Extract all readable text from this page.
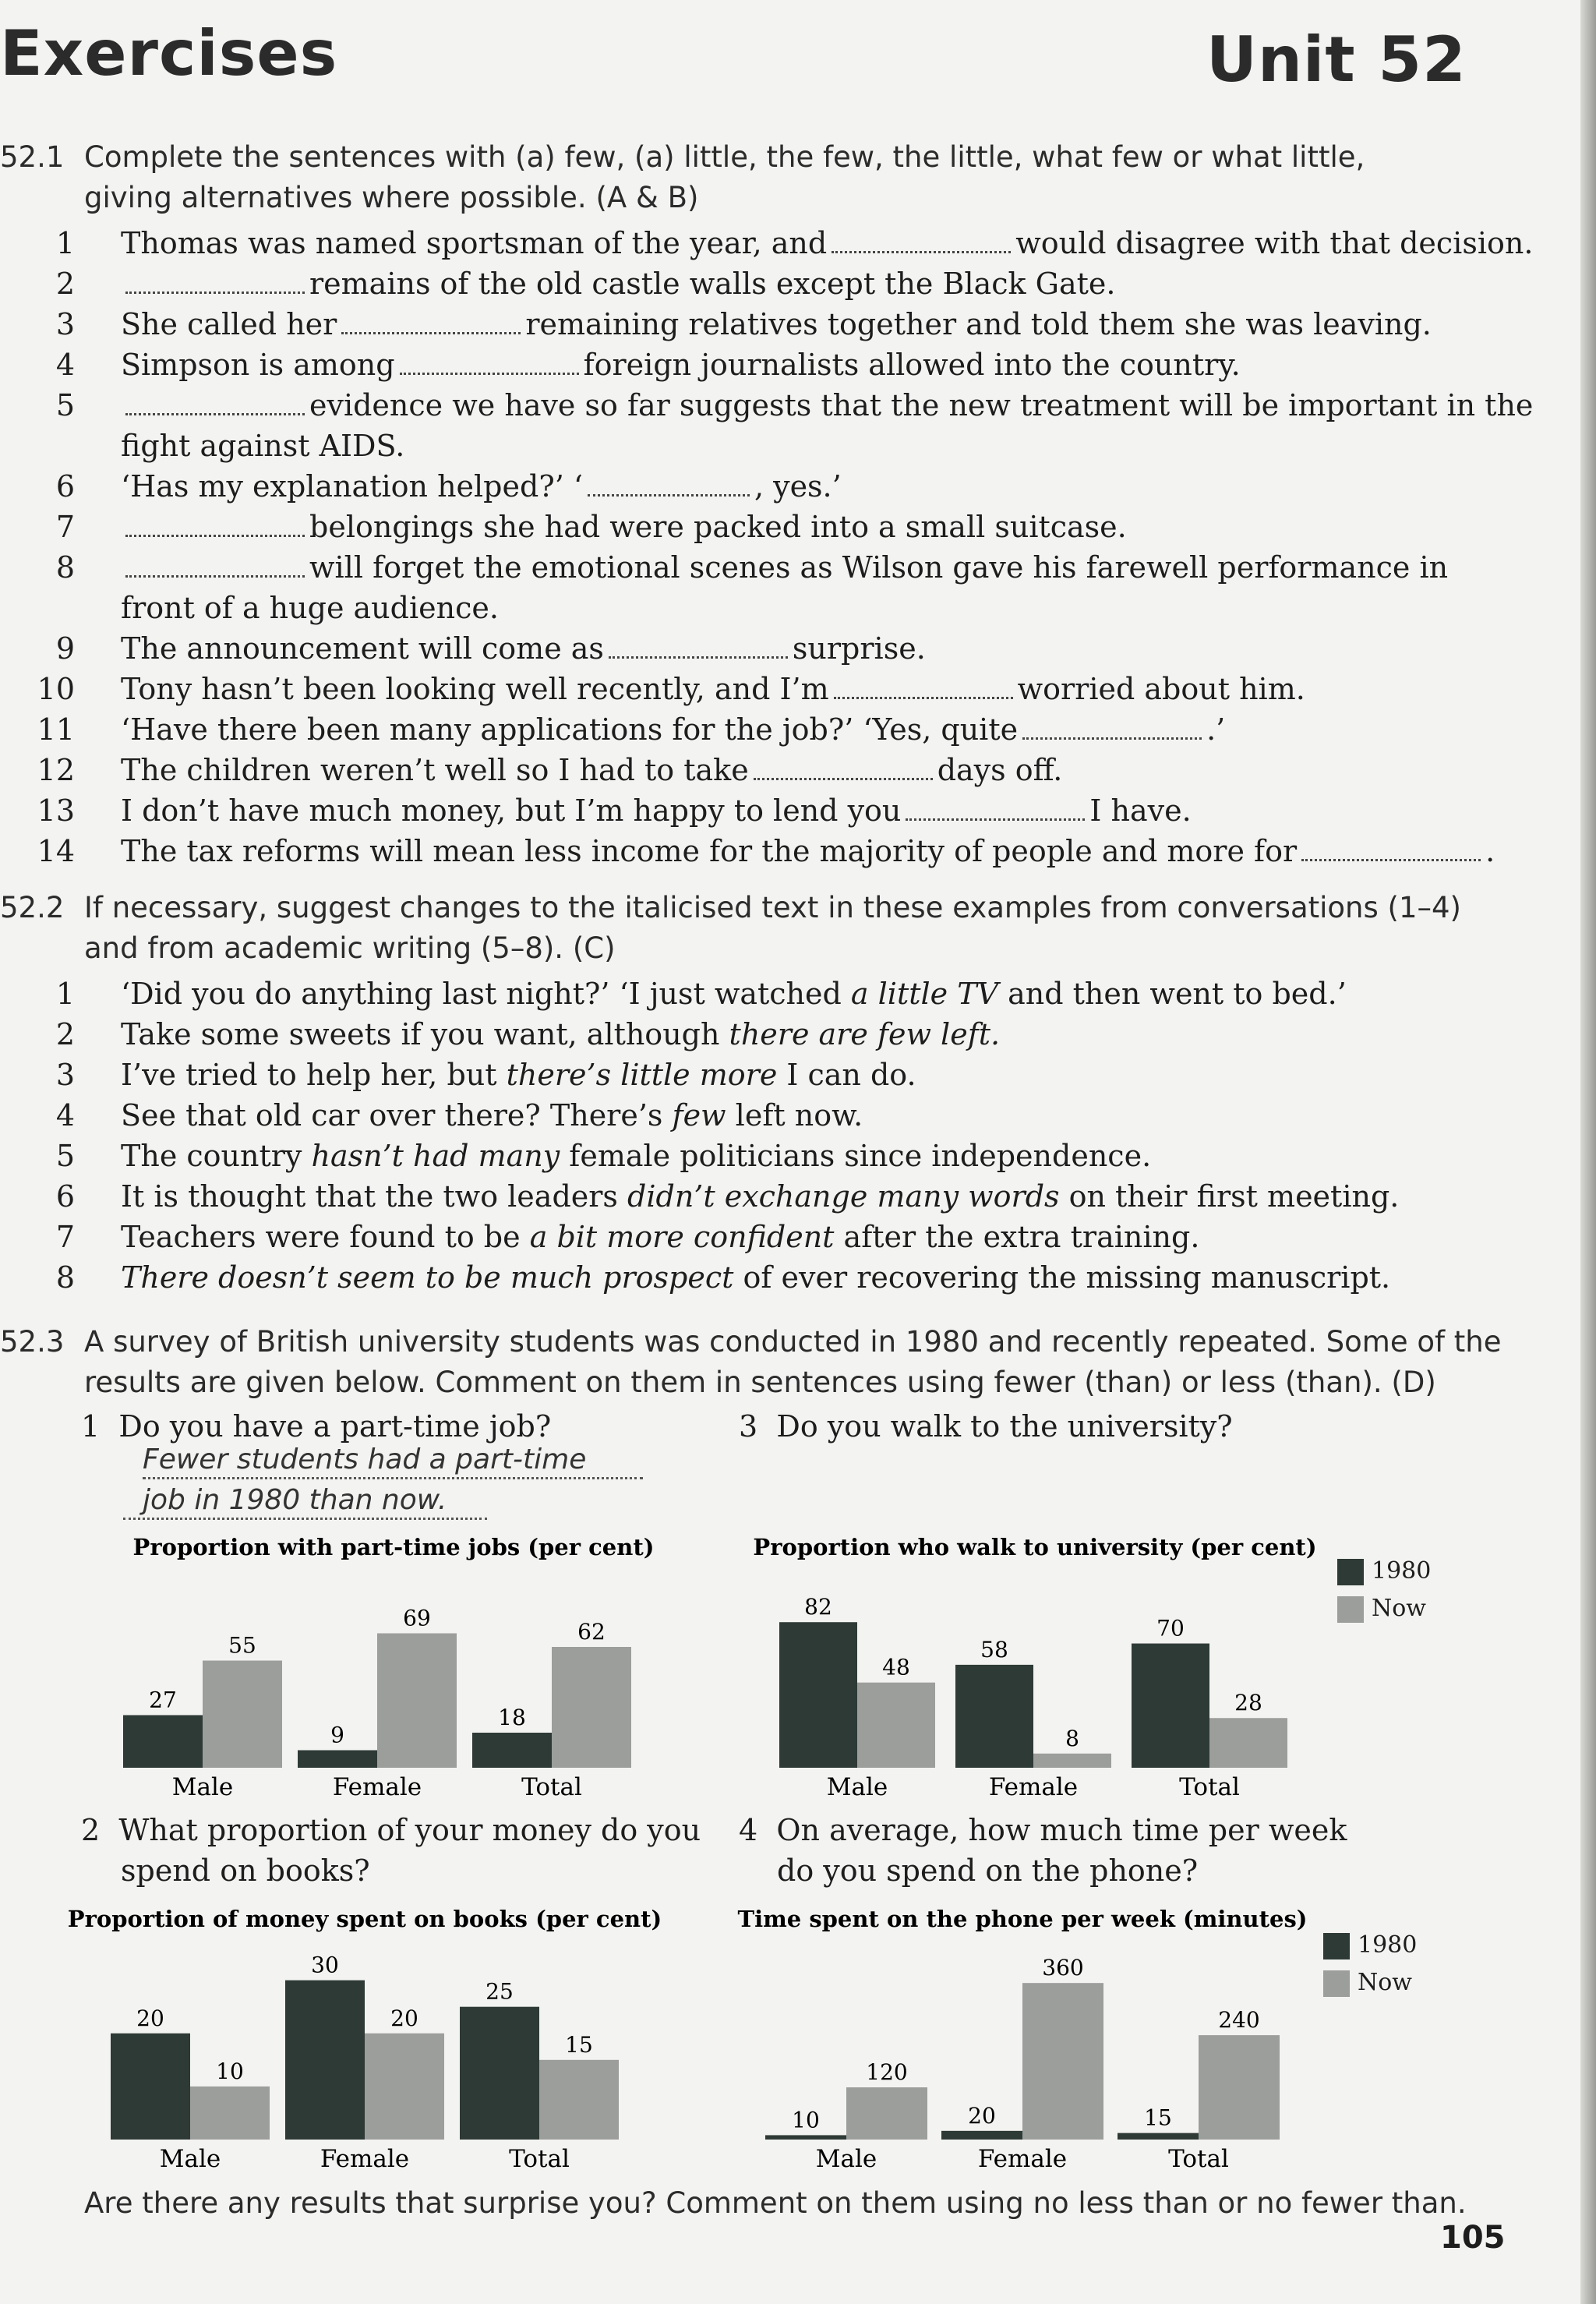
Exercises	Unit 52
52.1 Complete the sentences with (a) few, (a) little, the few, the little, what few or what little,
giving alternatives where possible. (A & B)
1 Thomas was named sportsman of the year, and	would disagree with that decision.
2	remains of the old castle walls except the Black Gate.
3 She called her	remaining relatives together and told them she was leaving.
4 Simpson is among	foreign journalists allowed into the country.
5	evidence we have so far suggests that the new treatment will be important in the
fight against AIDS.
6 ‘Has my explanation helped?’ ‘	, yes.’
7	belongings she had were packed into a small suitcase.
8	will forget the emotional scenes as Wilson gave his farewell performance in
front of a huge audience.
9 The announcement will come as	surprise.
10 Tony hasn’t been looking well recently, and I’m	worried about him.
11 ‘Have there been many applications for the job?’ ‘Yes, quite	.’
12 The children weren’t well so I had to take	days off.
13 I don’t have much money, but I’m happy to lend you	I have.
14 The tax reforms will mean less income for the majority of people and more for	.
52.2 If necessary, suggest changes to the italicised text in these examples from conversations (1–4)
and from academic writing (5–8). (C)
1 ‘Did you do anything last night?’ ‘I just watched a little TV and then went to bed.’
2 Take some sweets if you want, although there are few left.
3 I’ve tried to help her, but there’s little more I can do.
4 See that old car over there? There’s few left now.
5 The country hasn’t had many female politicians since independence.
6 It is thought that the two leaders didn’t exchange many words on their first meeting.
7 Teachers were found to be a bit more confident after the extra training.
8 There doesn’t seem to be much prospect of ever recovering the missing manuscript.
52.3 A survey of British university students was conducted in 1980 and recently repeated. Some of the
results are given below. Comment on them in sentences using fewer (than) or less (than). (D)
1 Do you have a part-time job?
Fewer students had a part-time
job in 1980 than now.
3 Do you walk to the university?
2 What proportion of your money do you
spend on books?
4 On average, how much time per week
do you spend on the phone?
1980
Now
1980
Now
Proportion with part-time jobs (per cent)
27
55
Male
9
69
Female
18
62
Total
Proportion who walk to university (per cent)
82
48
Male
58
8
Female
70
28
Total
Proportion of money spent on books (per cent)
20
10
Male
30
20
Female
25
15
Total
Time spent on the phone per week (minutes)
10
120
Male
20
360
Female
15
240
Total
Are there any results that surprise you? Comment on them using no less than or no fewer than.
105
